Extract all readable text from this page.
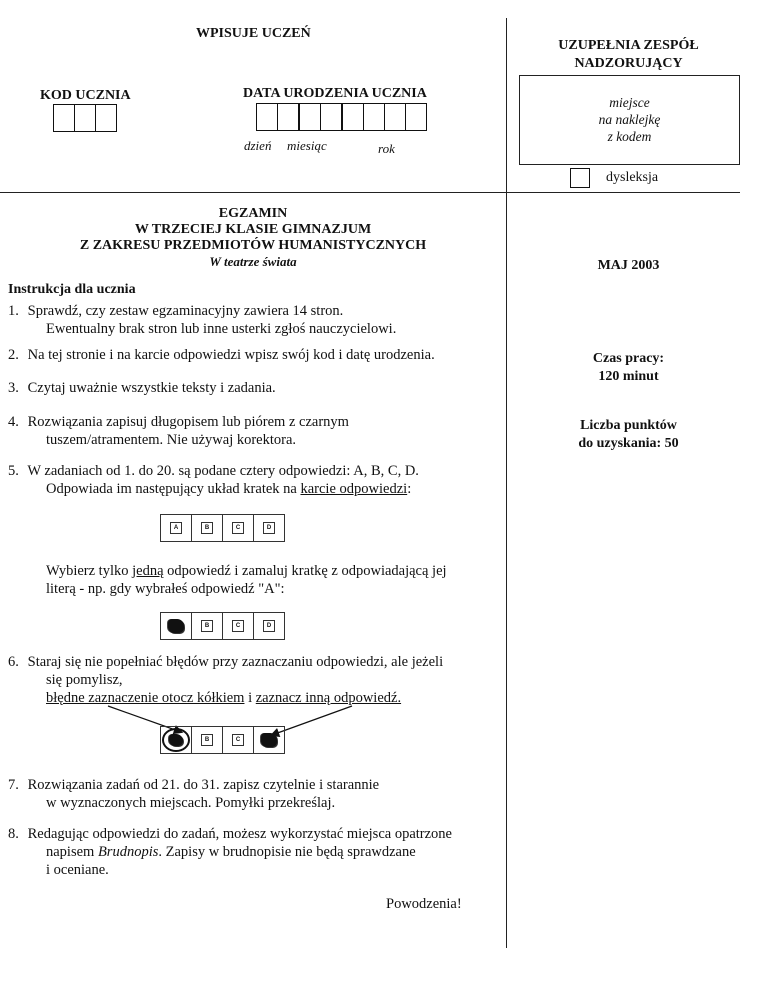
WPISUJE UCZEŃ
KOD UCZNIA	DATA URODZENIA UCZNIA
dzień miesiąc	rok
UZUPEŁNIA ZESPÓŁ
NADZORUJĄCY
miejsce
na naklejkę
z kodem
dysleksja
EGZAMIN
W TRZECIEJ KLASIE GIMNAZJUM
Z ZAKRESU PRZEDMIOTÓW HUMANISTYCZNYCH
W teatrze świata	MAJ 2003
Czas pracy:
120 minut
Liczba punktów
do uzyskania: 50
Instrukcja dla ucznia
1. Sprawdź, czy zestaw egzaminacyjny zawiera 14 stron.
Ewentualny brak stron lub inne usterki zgłoś nauczycielowi.
2. Na tej stronie i na karcie odpowiedzi wpisz swój kod i datę urodzenia.
3. Czytaj uważnie wszystkie teksty i zadania.
4. Rozwiązania zapisuj długopisem lub piórem z czarnym
tuszem/atramentem. Nie używaj korektora.
5. W zadaniach od 1. do 20. są podane cztery odpowiedzi: A, B, C, D.
Odpowiada im następujący układ kratek na karcie odpowiedzi:
A	B	C	D
Wybierz tylko jedną odpowiedź i zamaluj kratkę z odpowiadającą jej
literą - np. gdy wybrałeś odpowiedź "A":
B	C	D
6. Staraj się nie popełniać błędów przy zaznaczaniu odpowiedzi, ale jeżeli
się pomylisz,
błędne zaznaczenie otocz kółkiem i zaznacz inną odpowiedź.
B	C
7. Rozwiązania zadań od 21. do 31. zapisz czytelnie i starannie
w wyznaczonych miejscach. Pomyłki przekreślaj.
8. Redagując odpowiedzi do zadań, możesz wykorzystać miejsca opatrzone
napisem Brudnopis. Zapisy w brudnopisie nie będą sprawdzane
i oceniane.
Powodzenia!
